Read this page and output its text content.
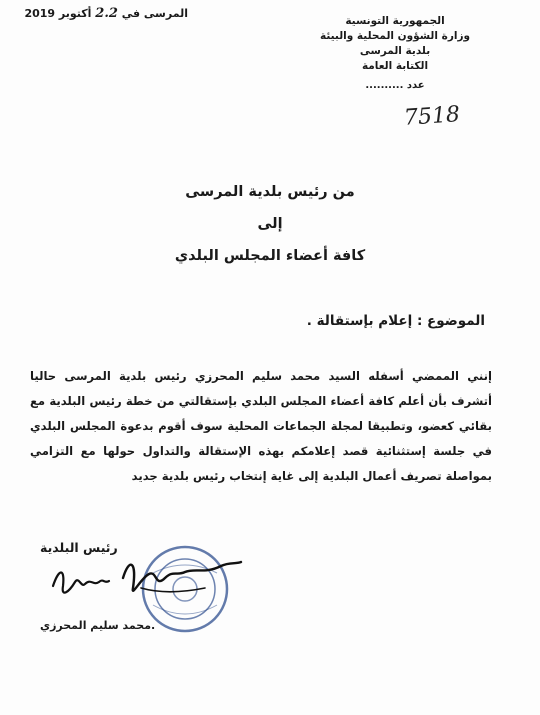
المرسى في 2.2 أكتوبر 2019
الجمهورية التونسية
وزارة الشؤون المحلية والبيئة
بلدية المرسى
الكتابة العامة
عدد ..........
7518
من رئيس بلدية المرسى
إلى
كافة أعضاء المجلس البلدي
الموضوع : إعلام بإستقالة .
إنني الممضي أسفله السيد محمد سليم المحرزي رئيس بلدية المرسى حاليا أتشرف بأن أعلم كافة أعضاء المجلس البلدي بإستقالتي من خطة رئيس البلدية مع بقائي كعضو، وتطبيقا لمجلة الجماعات المحلية سوف أقوم بدعوة المجلس البلدي في جلسة إستثنائية قصد إعلامكم بهذه الإستقالة والتداول حولها مع التزامي بمواصلة تصريف أعمال البلدية إلى غاية إنتخاب رئيس بلدية جديد
رئيس البلدية
.محمد سليم المحرزي
